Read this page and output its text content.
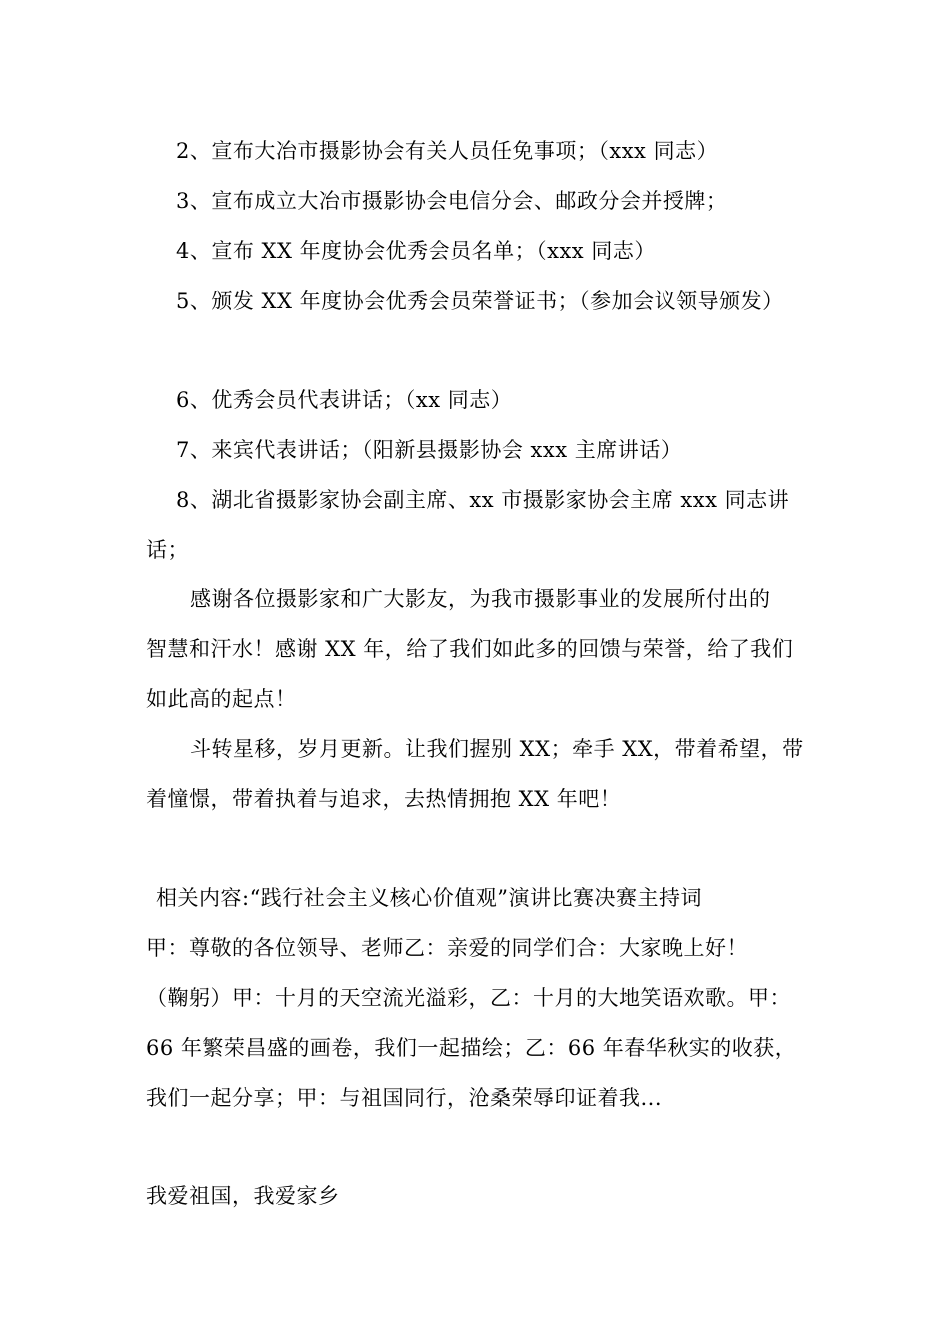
2、宣布大冶市摄影协会有关人员任免事项；（xxx 同志）
3、宣布成立大冶市摄影协会电信分会、邮政分会并授牌；
4、宣布 XX 年度协会优秀会员名单；（xxx 同志）
5、颁发 XX 年度协会优秀会员荣誉证书；（参加会议领导颁发）
6、优秀会员代表讲话；（xx 同志）
7、来宾代表讲话；（阳新县摄影协会 xxx 主席讲话）
8、湖北省摄影家协会副主席、xx 市摄影家协会主席 xxx 同志讲
话；
感谢各位摄影家和广大影友，为我市摄影事业的发展所付出的
智慧和汗水！感谢 XX 年，给了我们如此多的回馈与荣誉，给了我们
如此高的起点！
斗转星移，岁月更新。让我们握别 XX；牵手 XX，带着希望，带
着憧憬，带着执着与追求，去热情拥抱 XX 年吧！
相关内容:“践行社会主义核心价值观”演讲比赛决赛主持词
甲：尊敬的各位领导、老师乙：亲爱的同学们合：大家晚上好！
（鞠躬）甲：十月的天空流光溢彩，乙：十月的大地笑语欢歌。甲：
66 年繁荣昌盛的画卷，我们一起描绘；乙：66 年春华秋实的收获，
我们一起分享；甲：与祖国同行，沧桑荣辱印证着我...
我爱祖国，我爱家乡
